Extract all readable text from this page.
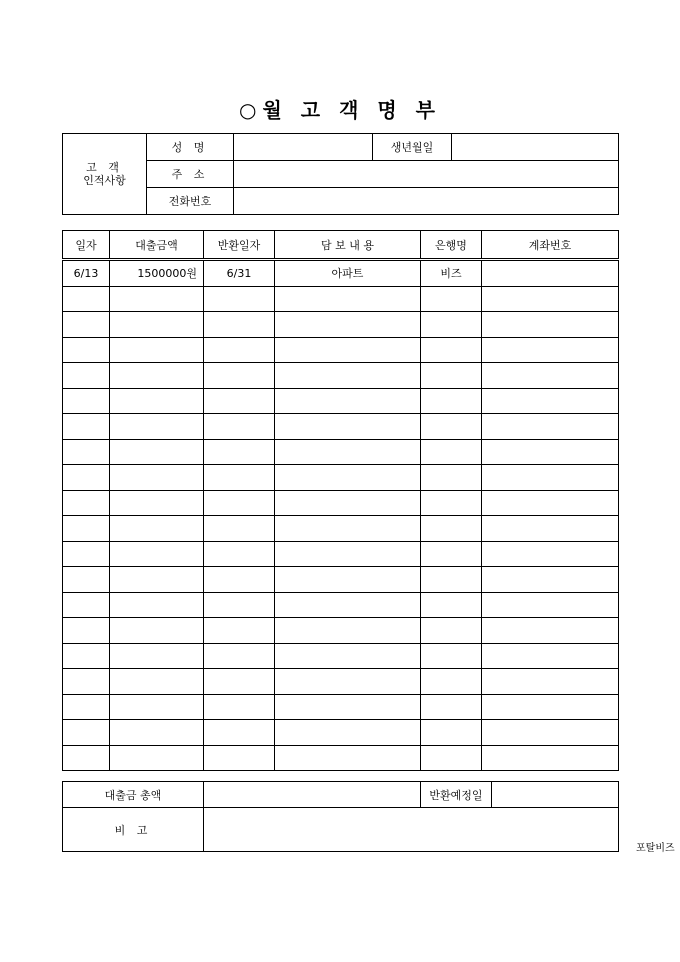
○월 고 객 명 부
고 객
인적사항	성 명		생년월일	
	주 소			
	전화번호			
일자	대출금액	반환일자	담 보 내 용	은행명	계좌번호
6/13	1500000원	6/31	아파트	비즈	

대출금 총액		반환예정일	
비 고			
포탈비즈
